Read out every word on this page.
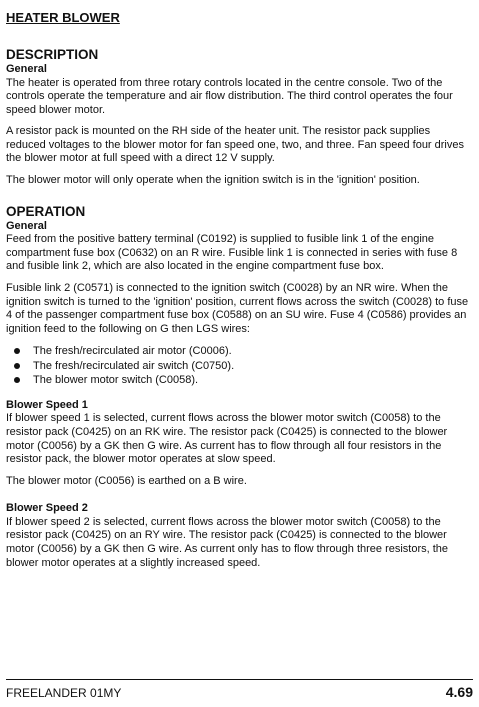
HEATER BLOWER
DESCRIPTION
General

The heater is operated from three rotary controls located in the centre console. Two of the controls operate the temperature and air flow distribution. The third control operates the four speed blower motor.

A resistor pack is mounted on the RH side of the heater unit. The resistor pack supplies reduced voltages to the blower motor for fan speed one, two, and three. Fan speed four drives the blower motor at full speed with a direct 12 V supply.

The blower motor will only operate when the ignition switch is in the 'ignition' position.

OPERATION
General

Feed from the positive battery terminal (C0192) is supplied to fusible link 1 of the engine compartment fuse box (C0632) on an R wire. Fusible link 1 is connected in series with fuse 8 and fusible link 2, which are also located in the engine compartment fuse box.

Fusible link 2 (C0571) is connected to the ignition switch (C0028) by an NR wire. When the ignition switch is turned to the 'ignition' position, current flows across the switch (C0028) to fuse 4 of the passenger compartment fuse box (C0588) on an SU wire. Fuse 4 (C0586) provides an ignition feed to the following on G then LGS wires:

The fresh/recirculated air motor (C0006).
The fresh/recirculated air switch (C0750).
The blower motor switch (C0058).
Blower Speed 1

If blower speed 1 is selected, current flows across the blower motor switch (C0058) to the resistor pack (C0425) on an RK wire. The resistor pack (C0425) is connected to the blower motor (C0056) by a GK then G wire. As current has to flow through all four resistors in the resistor pack, the blower motor operates at slow speed.

The blower motor (C0056) is earthed on a B wire.

Blower Speed 2

If blower speed 2 is selected, current flows across the blower motor switch (C0058) to the resistor pack (C0425) on an RY wire. The resistor pack (C0425) is connected to the blower motor (C0056) by a GK then G wire. As current only has to flow through three resistors, the blower motor operates at a slightly increased speed.

FREELANDER 01MY	4.69
